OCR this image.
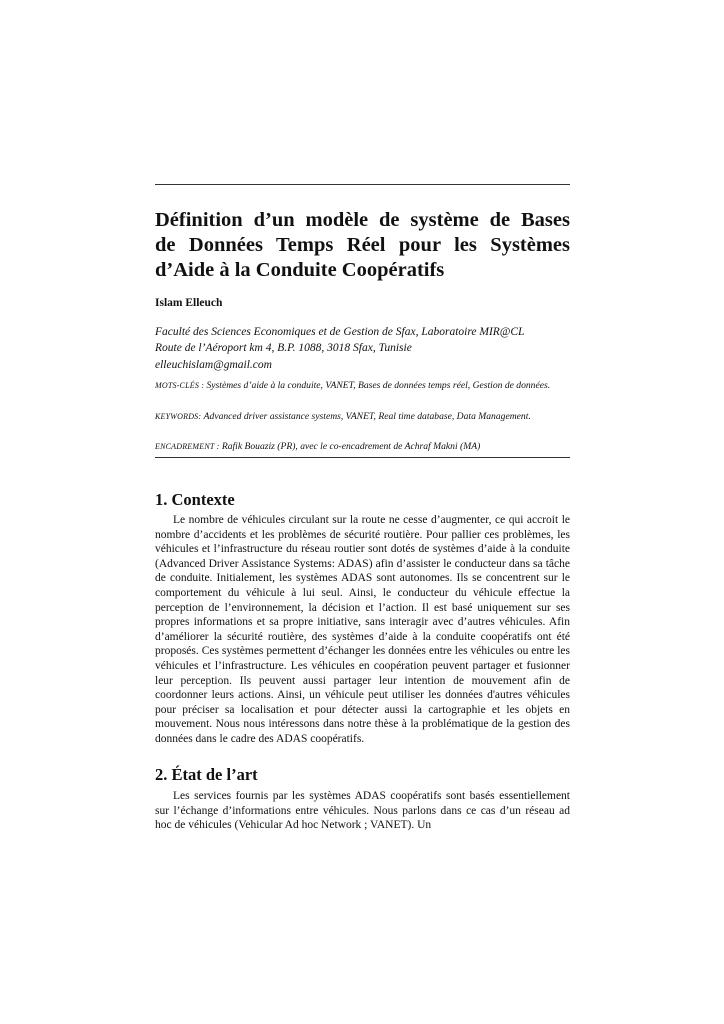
Définition d’un modèle de système de Bases
de Données Temps Réel pour les Systèmes
d’Aide à la Conduite Coopératifs

Islam Elleuch

Faculté des Sciences Economiques et de Gestion de Sfax, Laboratoire MIR@CL
Route de l’Aéroport km 4, B.P. 1088, 3018 Sfax, Tunisie

elleuchislam@gmail.com

MOTS-CLÉS : Systèmes d’aide à la conduite, VANET, Bases de données temps réel, Gestion de données.

KEYWORDS: Advanced driver assistance systems, VANET, Real time database, Data Management.

ENCADREMENT : Rafik Bouaziz (PR), avec le co-encadrement de Achraf Makni (MA)

1. Contexte

Le nombre de véhicules circulant sur la route ne cesse d’augmenter, ce qui accroit le nombre d’accidents et les problèmes de sécurité routière. Pour pallier ces problèmes, les véhicules et l’infrastructure du réseau routier sont dotés de systèmes d’aide à la conduite (Advanced Driver Assistance Systems: ADAS) afin d’assister le conducteur dans sa tâche de conduite. Initialement, les systèmes ADAS sont autonomes. Ils se concentrent sur le comportement du véhicule à lui seul. Ainsi, le conducteur du véhicule effectue la perception de l’environnement, la décision et l’action. Il est basé uniquement sur ses propres informations et sa propre initiative, sans interagir avec d’autres véhicules. Afin d’améliorer la sécurité routière, des systèmes d’aide à la conduite coopératifs ont été proposés. Ces systèmes permettent d’échanger les données entre les véhicules ou entre les véhicules et l’infrastructure. Les véhicules en coopération peuvent partager et fusionner leur perception. Ils peuvent aussi partager leur intention de mouvement afin de coordonner leurs actions. Ainsi, un véhicule peut utiliser les données d'autres véhicules pour préciser sa localisation et pour détecter aussi la cartographie et les objets en mouvement. Nous nous intéressons dans notre thèse à la problématique de la gestion des données dans le cadre des ADAS coopératifs.

2. État de l’art

Les services fournis par les systèmes ADAS coopératifs sont basés essentiellement sur l’échange d’informations entre véhicules. Nous parlons dans ce cas d’un réseau ad hoc de véhicules (Vehicular Ad hoc Network ; VANET). Un
